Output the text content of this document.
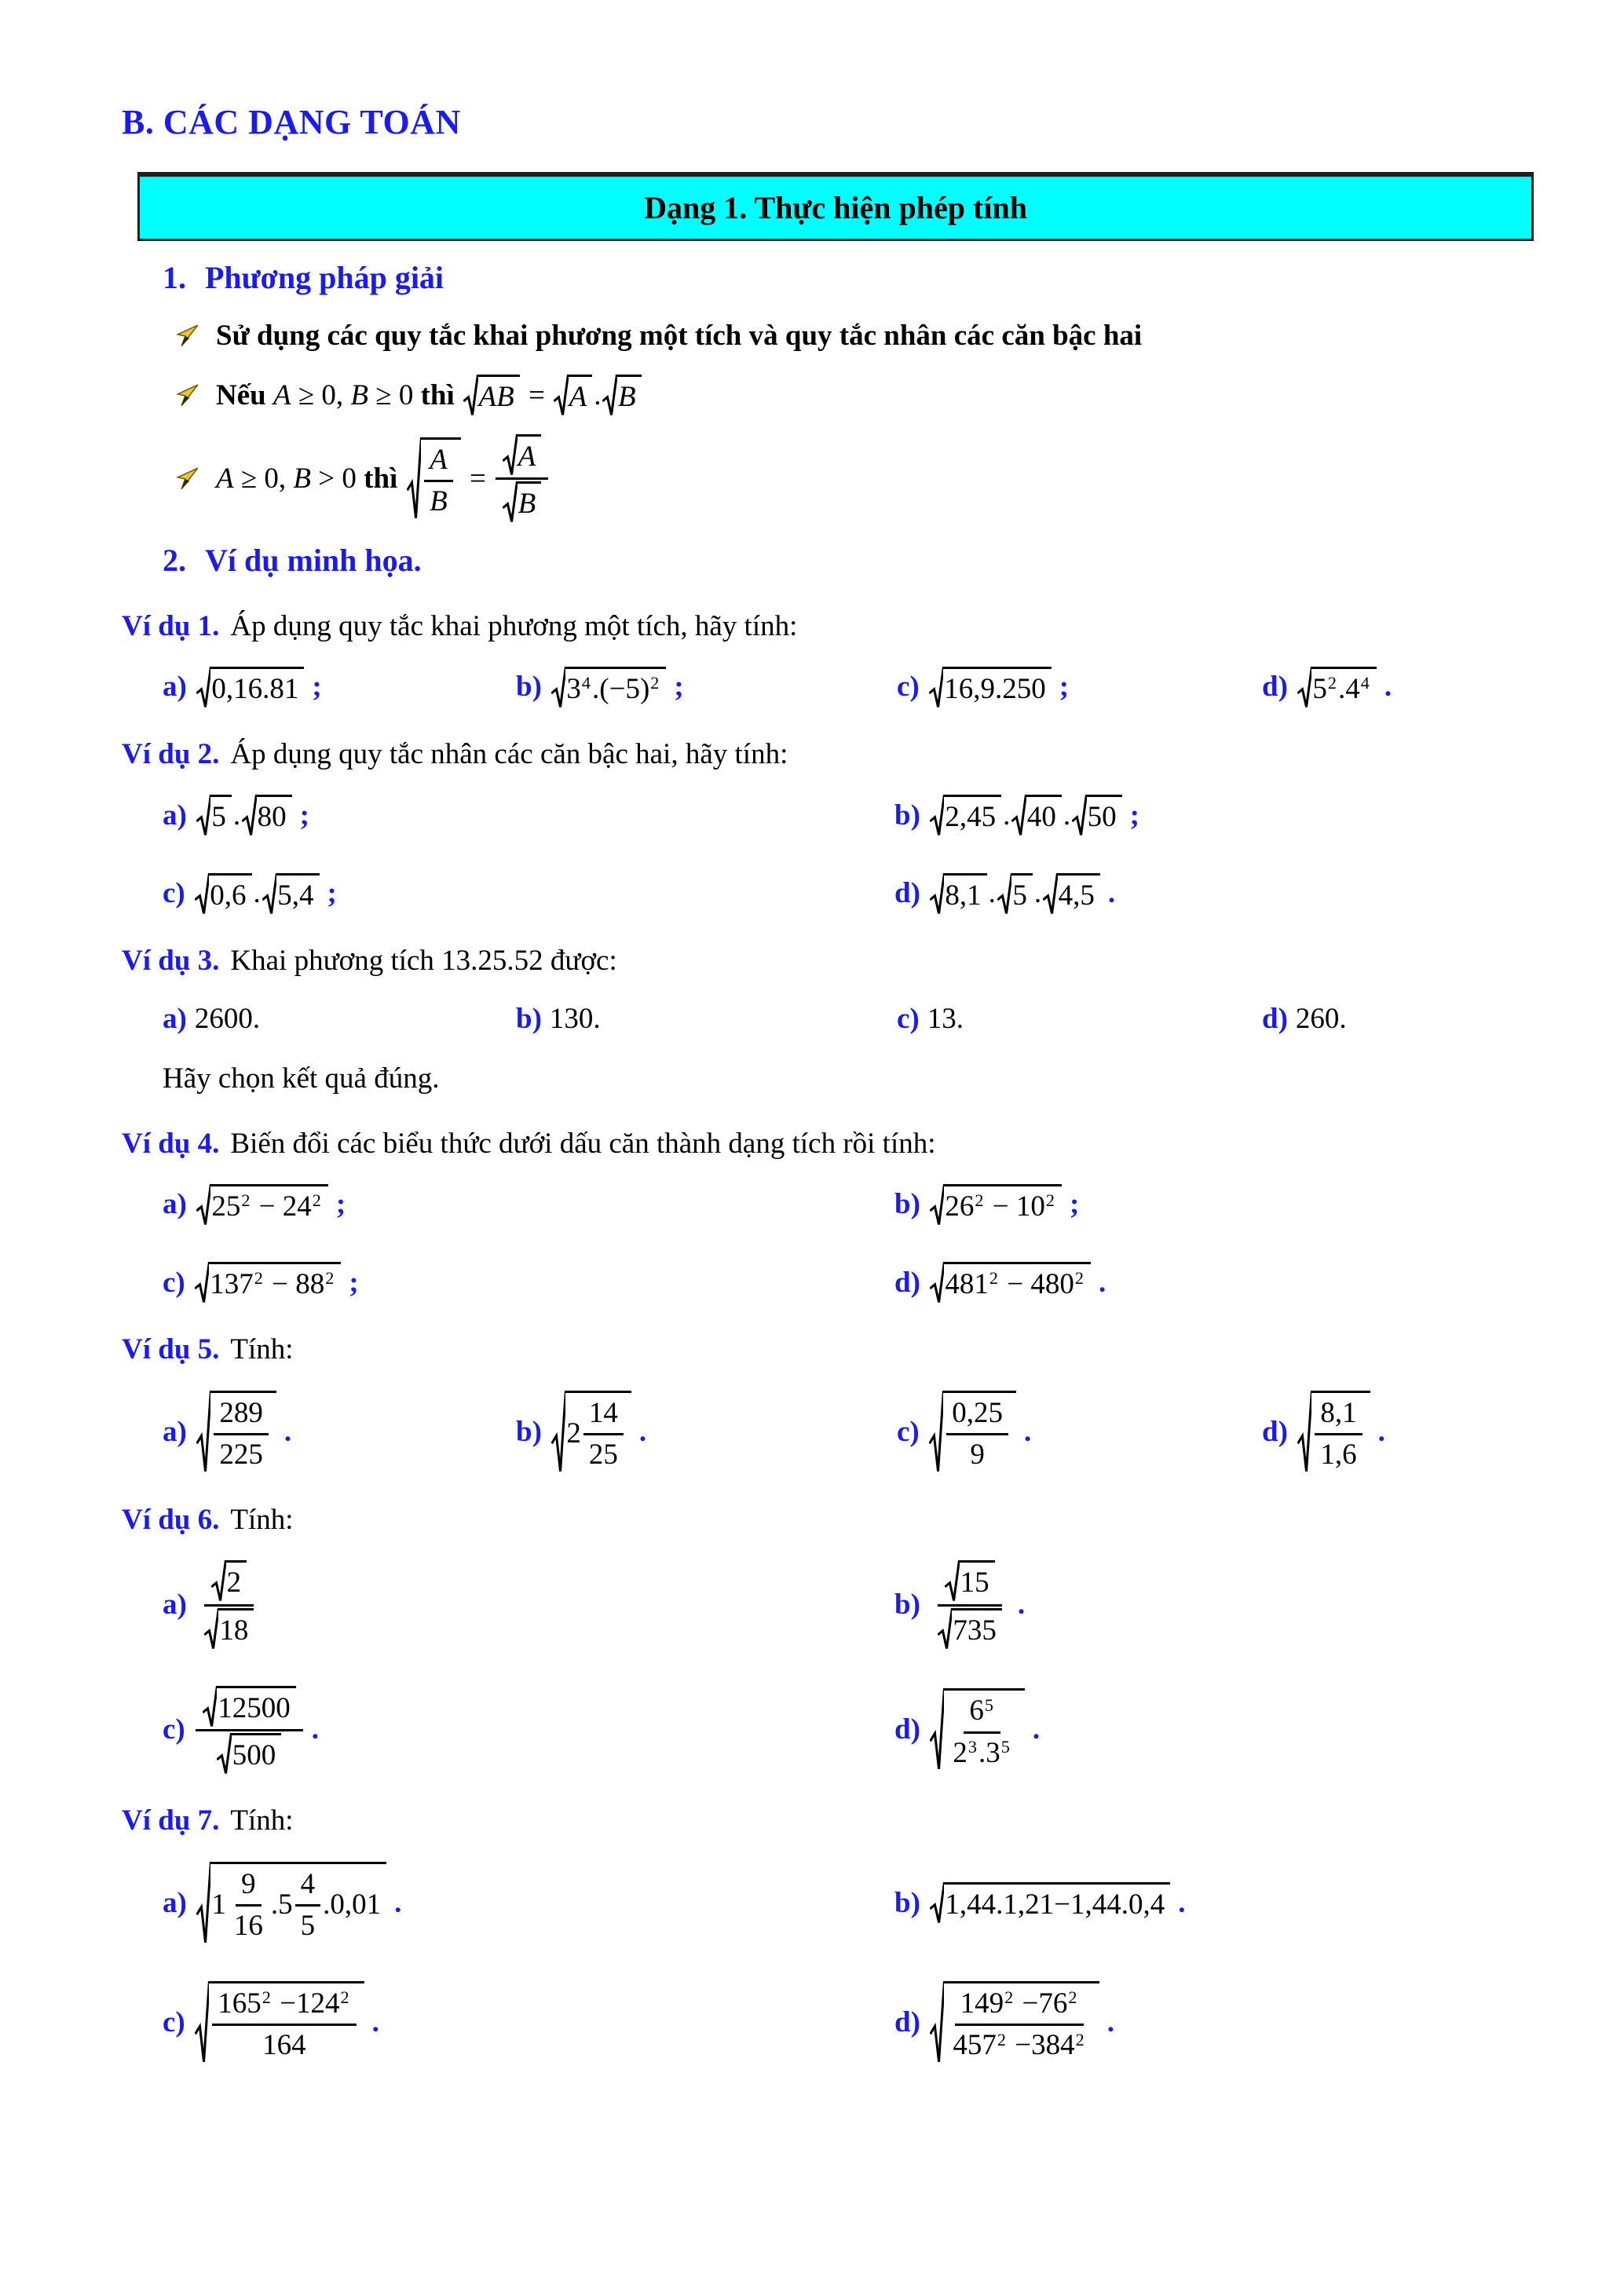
B. CÁC DẠNG TOÁN
Dạng 1. Thực hiện phép tính
1. Phương pháp giải
Sử dụng các quy tắc khai phương một tích và quy tắc nhân các căn bậc hai
Nếu A ≥ 0, B ≥ 0 thì AB = A . B
A ≥ 0, B > 0 thì $\frac{A}{B} = \frac{A}{B}$
2. Ví dụ minh họa.
Ví dụ 1. Áp dụng quy tắc khai phương một tích, hãy tính:
a) 0,16.81 ;	b) 3 4 .(−5) 2 ;	c) 16,9.250 ;	d) 5 2 .4 4 .
Ví dụ 2. Áp dụng quy tắc nhân các căn bậc hai, hãy tính:
a) 5 . 80 ;	b) 2,45 . 40 . 50 ;
c) 0,6 . 5,4 ;	d) 8,1 . 5 . 4,5 .
Ví dụ 3. Khai phương tích 13.25.52 được:
a) 2600.	b) 130.	c) 13.	d) 260.
Hãy chọn kết quả đúng.
Ví dụ 4. Biến đổi các biểu thức dưới dấu căn thành dạng tích rồi tính:
a) 25 2 − 24 2 ;	b) 26 2 − 10 2 ;
c) 137 2 − 88 2 ;	d) 481 2 − 480 2 .
Ví dụ 5. Tính:
$a) \frac{289}{225}$ .	b) $2 \frac{14}{25}$ .	$c) \frac{0,25}{9}$ .	$d) \frac{8,1}{1,6}$ .
Ví dụ 6. Tính:
$a) \frac{2}{18}$	$b) \frac{15}{735}$ .
$c) \frac{12500}{500}$ .	$d) \frac{6 5}{2 3 .3 5}$ .
Ví dụ 7. Tính:
a) $1 \frac{9}{16} .5 \frac{4}{5} .0,01$ .	b) 1,44.1,21−1,44.0,4 .
$c) \frac{165 2 -124 2}{164}$ .	$d) \frac{149 2 -76 2}{457 2 -384 2}$ .
